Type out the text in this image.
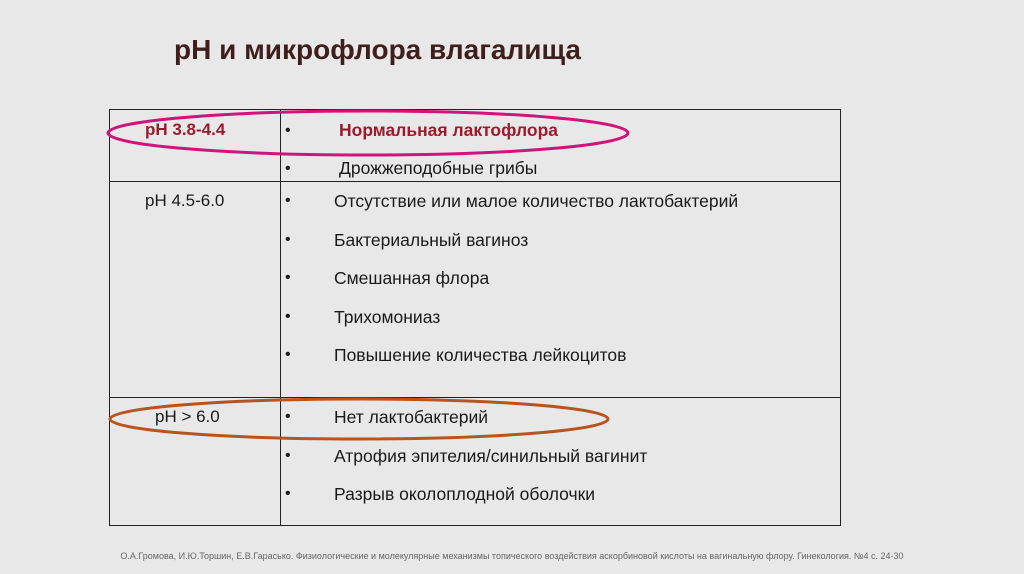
pH и микрофлора влагалища
pH 3.8-4.4	•	Нормальная лактофлора
•	Дрожжеподобные грибы
pH 4.5-6.0	• Отсутствие или малое количество лактобактерий
• Бактериальный вагиноз
• Смешанная флора
• Трихомониаз
• Повышение количества лейкоцитов
pH > 6.0	• Нет лактобактерий
• Атрофия эпителия/синильный вагинит
• Разрыв околоплодной оболочки
О.А.Громова, И.Ю.Торшин, Е.В.Гарасько. Физиологические и молекулярные механизмы топического воздействия аскорбиновой кислоты на вагинальную флору. Гинекология. №4 с. 24-30
